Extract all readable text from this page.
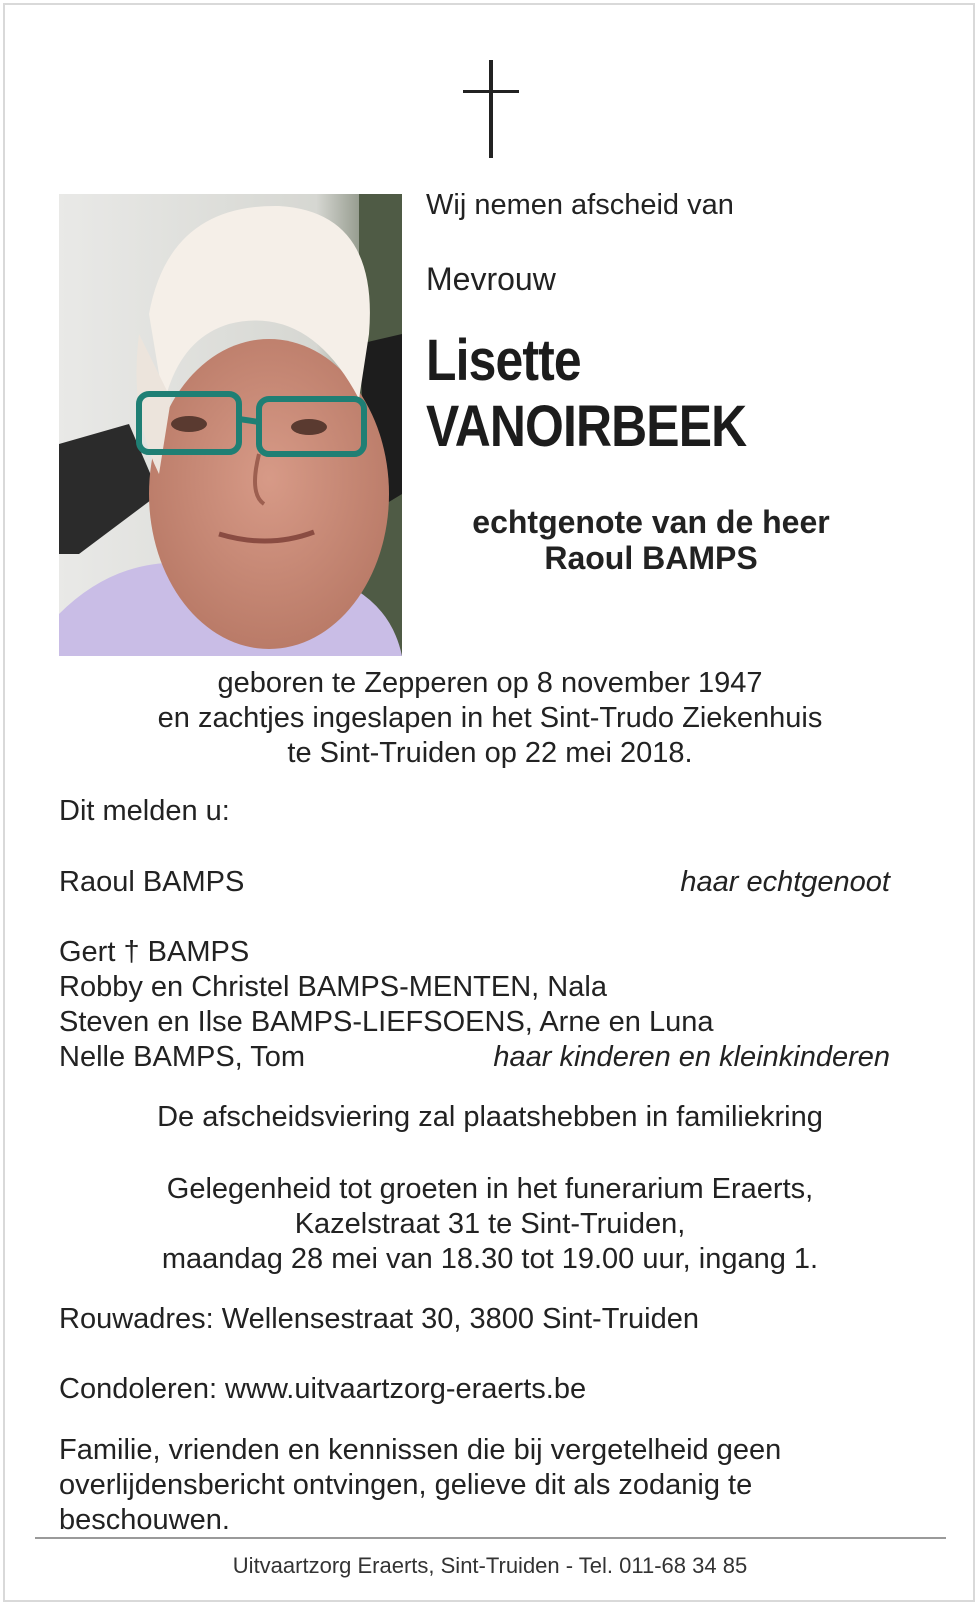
Wij nemen afscheid van
Mevrouw
Lisette
VANOIRBEEK
echtgenote van de heer
Raoul BAMPS
geboren te Zepperen op 8 november 1947
en zachtjes ingeslapen in het Sint-Trudo Ziekenhuis
te Sint-Truiden op 22 mei 2018.
Dit melden u:
Raoul BAMPS	haar echtgenoot
Gert † BAMPS
Robby en Christel BAMPS-MENTEN, Nala
Steven en Ilse BAMPS-LIEFSOENS, Arne en Luna
Nelle BAMPS, Tom	haar kinderen en kleinkinderen
De afscheidsviering zal plaatshebben in familiekring
Gelegenheid tot groeten in het funerarium Eraerts,
Kazelstraat 31 te Sint-Truiden,
maandag 28 mei van 18.30 tot 19.00 uur, ingang 1.
Rouwadres: Wellensestraat 30, 3800 Sint-Truiden
Condoleren: www.uitvaartzorg-eraerts.be
Familie, vrienden en kennissen die bij vergetelheid geen overlijdensbericht ontvingen, gelieve dit als zodanig te beschouwen.
Uitvaartzorg Eraerts, Sint-Truiden - Tel. 011-68 34 85
